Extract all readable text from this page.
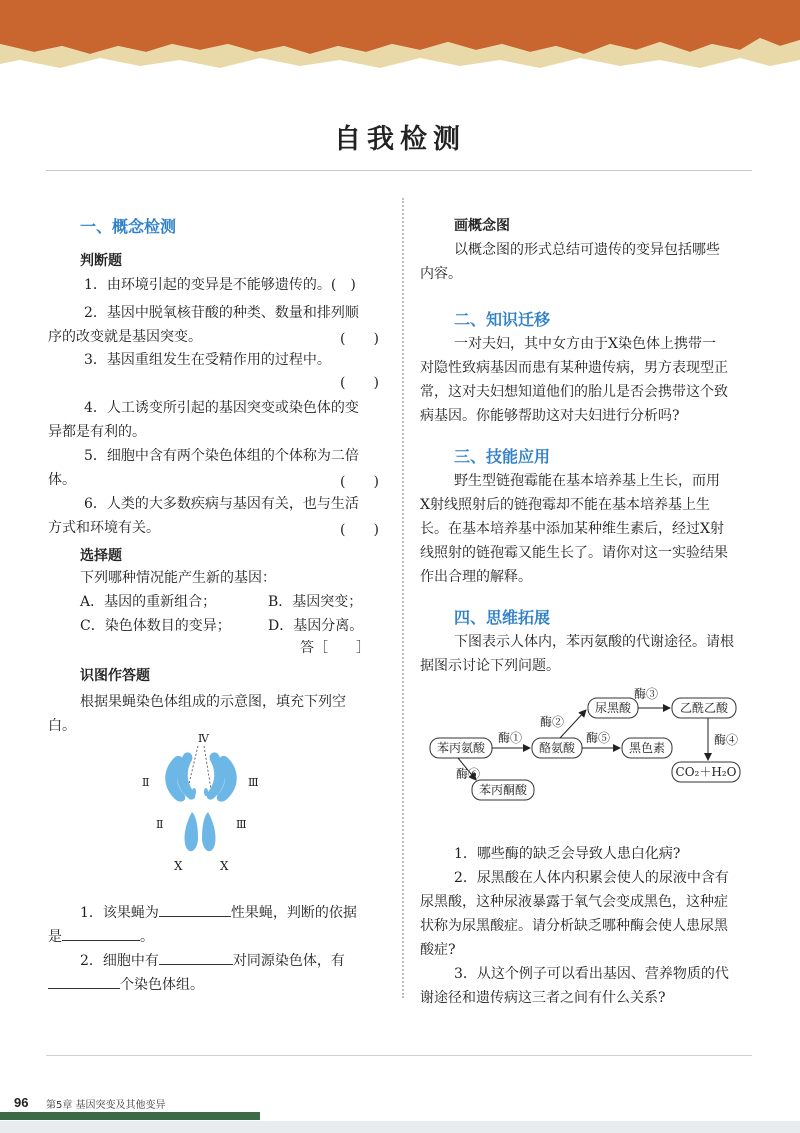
自我检测
一、概念检测
判断题
1．由环境引起的变异是不能够遗传的。(　)
2．基因中脱氧核苷酸的种类、数量和排列顺
序的改变就是基因突变。	(　　)
3．基因重组发生在受精作用的过程中。
(　　)
4．人工诱变所引起的基因突变或染色体的变
异都是有利的。
5．细胞中含有两个染色体组的个体称为二倍
体。	(　　)
6．人类的大多数疾病与基因有关，也与生活
方式和环境有关。	(　　)
选择题
下列哪种情况能产生新的基因：
A．基因的重新组合；	B．基因突变；
C．染色体数目的变异；	D．基因分离。
答［　　］
识图作答题
根据果蝇染色体组成的示意图，填充下列空
白。
Ⅳ
Ⅱ	Ⅲ
Ⅱ	Ⅲ
X	X
1．该果蝇为	性果蝇，判断的依据
是	。
2．细胞中有	对同源染色体，有
个染色体组。
画概念图
以概念图的形式总结可遗传的变异包括哪些
内容。
二、知识迁移
一对夫妇，其中女方由于X染色体上携带一
对隐性致病基因而患有某种遗传病，男方表现型正
常，这对夫妇想知道他们的胎儿是否会携带这个致
病基因。你能够帮助这对夫妇进行分析吗?
三、技能应用
野生型链孢霉能在基本培养基上生长，而用
X射线照射后的链孢霉却不能在基本培养基上生
长。在基本培养基中添加某种维生素后，经过X射
线照射的链孢霉又能生长了。请你对这一实验结果
作出合理的解释。
四、思维拓展
下图表示人体内，苯丙氨酸的代谢途径。请根
据图示讨论下列问题。
苯丙氨酸	酪氨酸
尿黑酸	乙酰乙酸
黑色素
CO₂＋H₂O
苯丙酮酸
酶①
酶②
酶③
酶④
酶⑤
酶⑥
1．哪些酶的缺乏会导致人患白化病?
2．尿黑酸在人体内积累会使人的尿液中含有
尿黑酸，这种尿液暴露于氧气会变成黑色，这种症
状称为尿黑酸症。请分析缺乏哪种酶会使人患尿黑
酸症?
3．从这个例子可以看出基因、营养物质的代
谢途径和遗传病这三者之间有什么关系?
96 第5章 基因突变及其他变异
